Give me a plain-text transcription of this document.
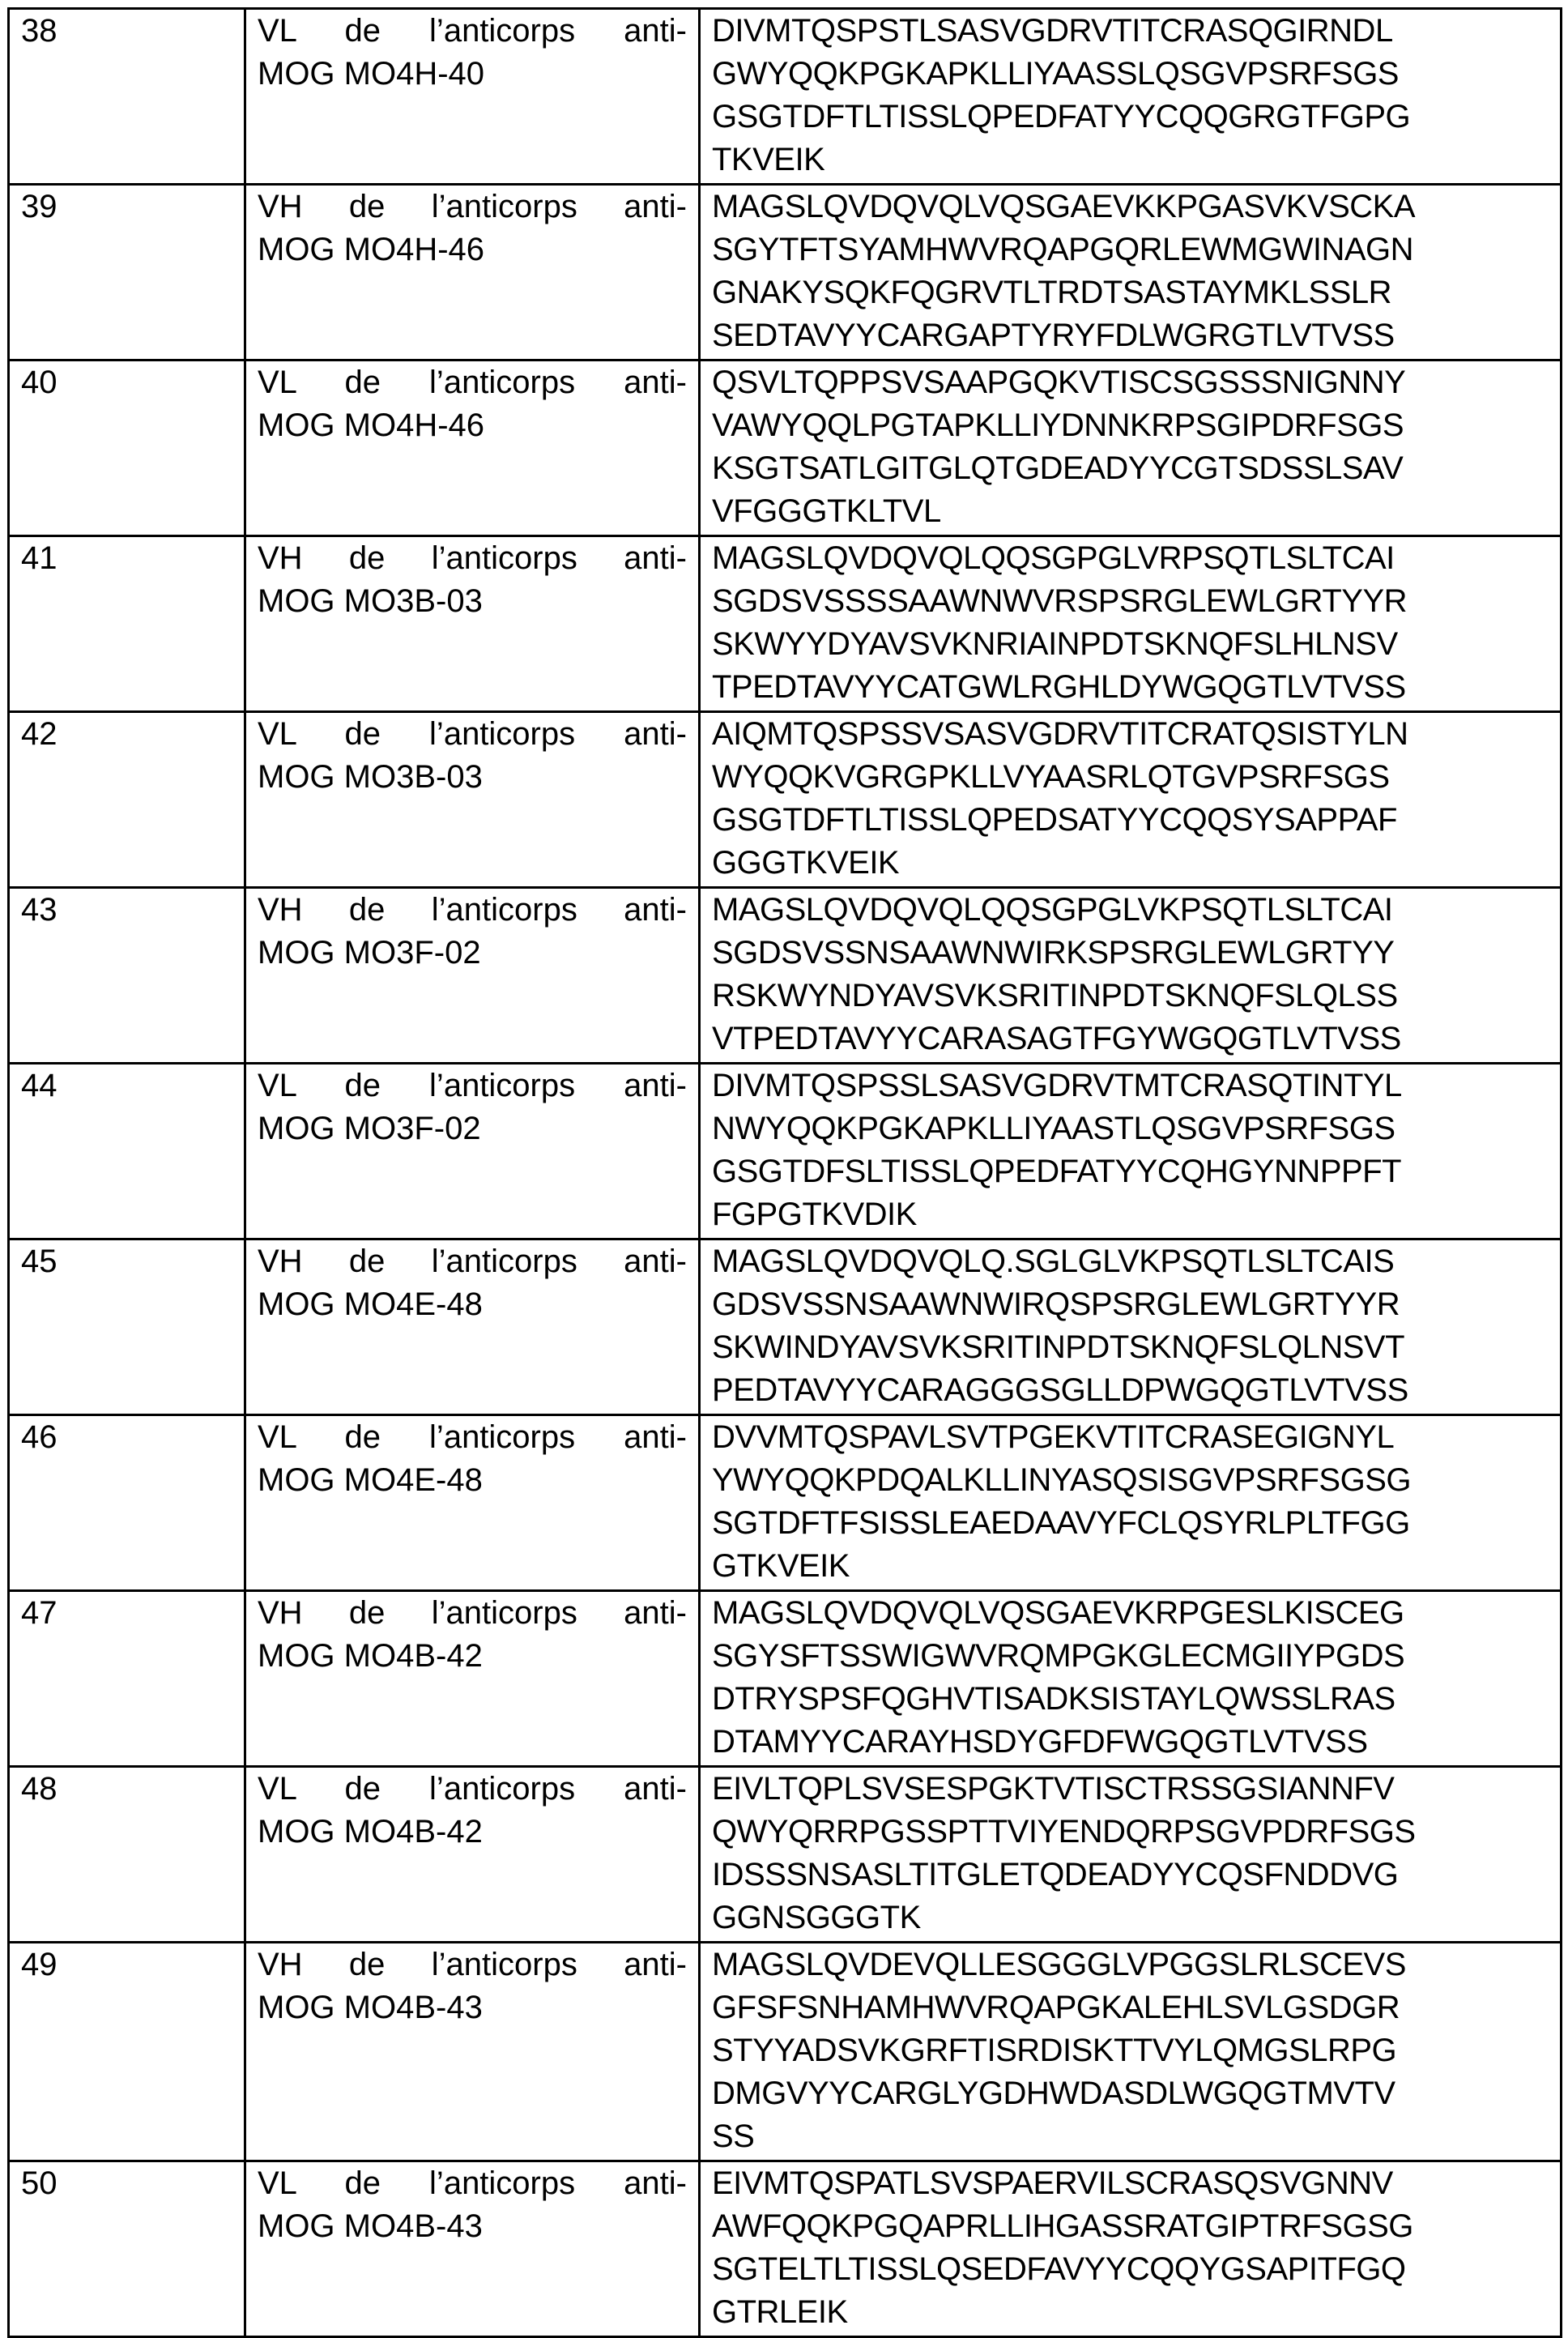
38	VL de l’anticorps anti-
MOG MO4H-40

DIVMTQSPSTLSASVGDRVTITCRASQGIRNDL
GWYQQKPGKAPKLLIYAASSLQSGVPSRFSGS
GSGTDFTLTISSLQPEDFATYYCQQGRGTFGPG
TKVEIK

39	VH de l’anticorps anti-
MOG MO4H-46

MAGSLQVDQVQLVQSGAEVKKPGASVKVSCKA
SGYTFTSYAMHWVRQAPGQRLEWMGWINAGN
GNAKYSQKFQGRVTLTRDTSASTAYMKLSSLR
SEDTAVYYCARGAPTYRYFDLWGRGTLVTVSS

40	VL de l’anticorps anti-
MOG MO4H-46

QSVLTQPPSVSAAPGQKVTISCSGSSSNIGNNY
VAWYQQLPGTAPKLLIYDNNKRPSGIPDRFSGS
KSGTSATLGITGLQTGDEADYYCGTSDSSLSAV
VFGGGTKLTVL

41	VH de l’anticorps anti-
MOG MO3B-03

MAGSLQVDQVQLQQSGPGLVRPSQTLSLTCAI
SGDSVSSSSAAWNWVRSPSRGLEWLGRTYYR
SKWYYDYAVSVKNRIAINPDTSKNQFSLHLNSV
TPEDTAVYYCATGWLRGHLDYWGQGTLVTVSS

42	VL de l’anticorps anti-
MOG MO3B-03

AIQMTQSPSSVSASVGDRVTITCRATQSISTYLN
WYQQKVGRGPKLLVYAASRLQTGVPSRFSGS
GSGTDFTLTISSLQPEDSATYYCQQSYSAPPAF
GGGTKVEIK

43	VH de l’anticorps anti-
MOG MO3F-02

MAGSLQVDQVQLQQSGPGLVKPSQTLSLTCAI
SGDSVSSNSAAWNWIRKSPSRGLEWLGRTYY
RSKWYNDYAVSVKSRITINPDTSKNQFSLQLSS
VTPEDTAVYYCARASAGTFGYWGQGTLVTVSS

44	VL de l’anticorps anti-
MOG MO3F-02

DIVMTQSPSSLSASVGDRVTMTCRASQTINTYL
NWYQQKPGKAPKLLIYAASTLQSGVPSRFSGS
GSGTDFSLTISSLQPEDFATYYCQHGYNNPPFT
FGPGTKVDIK

45	VH de l’anticorps anti-
MOG MO4E-48

MAGSLQVDQVQLQ.SGLGLVKPSQTLSLTCAIS
GDSVSSNSAAWNWIRQSPSRGLEWLGRTYYR
SKWINDYAVSVKSRITINPDTSKNQFSLQLNSVT
PEDTAVYYCARAGGGSGLLDPWGQGTLVTVSS

46	VL de l’anticorps anti-
MOG MO4E-48

DVVMTQSPAVLSVTPGEKVTITCRASEGIGNYL
YWYQQKPDQALKLLINYASQSISGVPSRFSGSG
SGTDFTFSISSLEAEDAAVYFCLQSYRLPLTFGG
GTKVEIK

47	VH de l’anticorps anti-
MOG MO4B-42

MAGSLQVDQVQLVQSGAEVKRPGESLKISCEG
SGYSFTSSWIGWVRQMPGKGLECMGIIYPGDS
DTRYSPSFQGHVTISADKSISTAYLQWSSLRAS
DTAMYYCARAYHSDYGFDFWGQGTLVTVSS

48	VL de l’anticorps anti-
MOG MO4B-42

EIVLTQPLSVSESPGKTVTISCTRSSGSIANNFV
QWYQRRPGSSPTTVIYENDQRPSGVPDRFSGS
IDSSSNSASLTITGLETQDEADYYCQSFNDDVG
GGNSGGGTK

49	VH de l’anticorps anti-
MOG MO4B-43

MAGSLQVDEVQLLESGGGLVPGGSLRLSCEVS
GFSFSNHAMHWVRQAPGKALEHLSVLGSDGR
STYYADSVKGRFTISRDISKTTVYLQMGSLRPG
DMGVYYCARGLYGDHWDASDLWGQGTMVTV
SS

50	VL de l’anticorps anti-
MOG MO4B-43

EIVMTQSPATLSVSPAERVILSCRASQSVGNNV
AWFQQKPGQAPRLLIHGASSRATGIPTRFSGSG
SGTELTLTISSLQSEDFAVYYCQQYGSAPITFGQ
GTRLEIK
